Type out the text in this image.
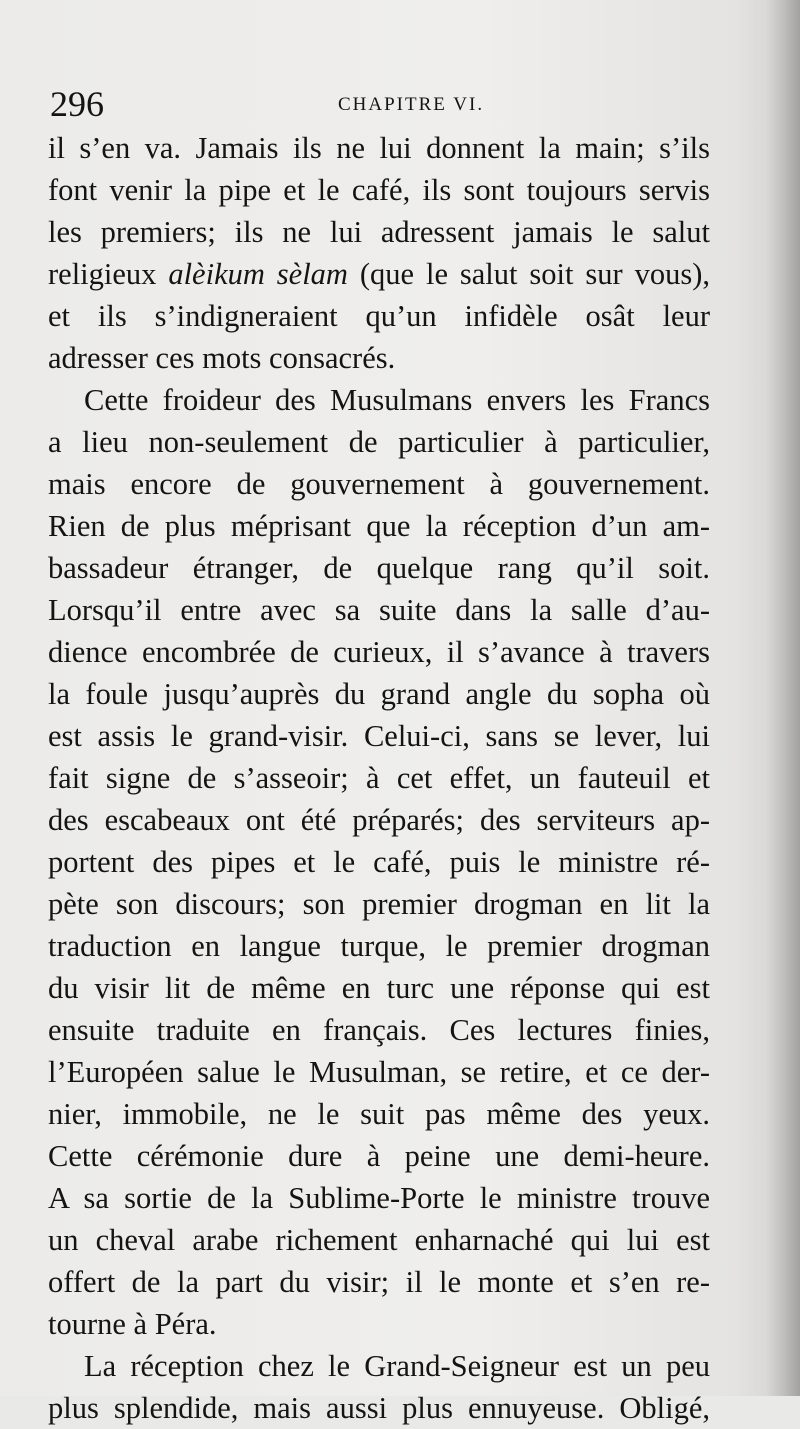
296	CHAPITRE VI.
il s’en va. Jamais ils ne lui donnent la main; s’ils
font venir la pipe et le café, ils sont toujours servis
les premiers; ils ne lui adressent jamais le salut
religieux alèikum sèlam (que le salut soit sur vous),
et ils s’indigneraient qu’un infidèle osât leur
adresser ces mots consacrés.
Cette froideur des Musulmans envers les Francs
a lieu non-seulement de particulier à particulier,
mais encore de gouvernement à gouvernement.
Rien de plus méprisant que la réception d’un am-
bassadeur étranger, de quelque rang qu’il soit.
Lorsqu’il entre avec sa suite dans la salle d’au-
dience encombrée de curieux, il s’avance à travers
la foule jusqu’auprès du grand angle du sopha où
est assis le grand-visir. Celui-ci, sans se lever, lui
fait signe de s’asseoir; à cet effet, un fauteuil et
des escabeaux ont été préparés; des serviteurs ap-
portent des pipes et le café, puis le ministre ré-
pète son discours; son premier drogman en lit la
traduction en langue turque, le premier drogman
du visir lit de même en turc une réponse qui est
ensuite traduite en français. Ces lectures finies,
l’Européen salue le Musulman, se retire, et ce der-
nier, immobile, ne le suit pas même des yeux.
Cette cérémonie dure à peine une demi-heure.
A sa sortie de la Sublime-Porte le ministre trouve
un cheval arabe richement enharnaché qui lui est
offert de la part du visir; il le monte et s’en re-
tourne à Péra.
La réception chez le Grand-Seigneur est un peu
plus splendide, mais aussi plus ennuyeuse. Obligé,
